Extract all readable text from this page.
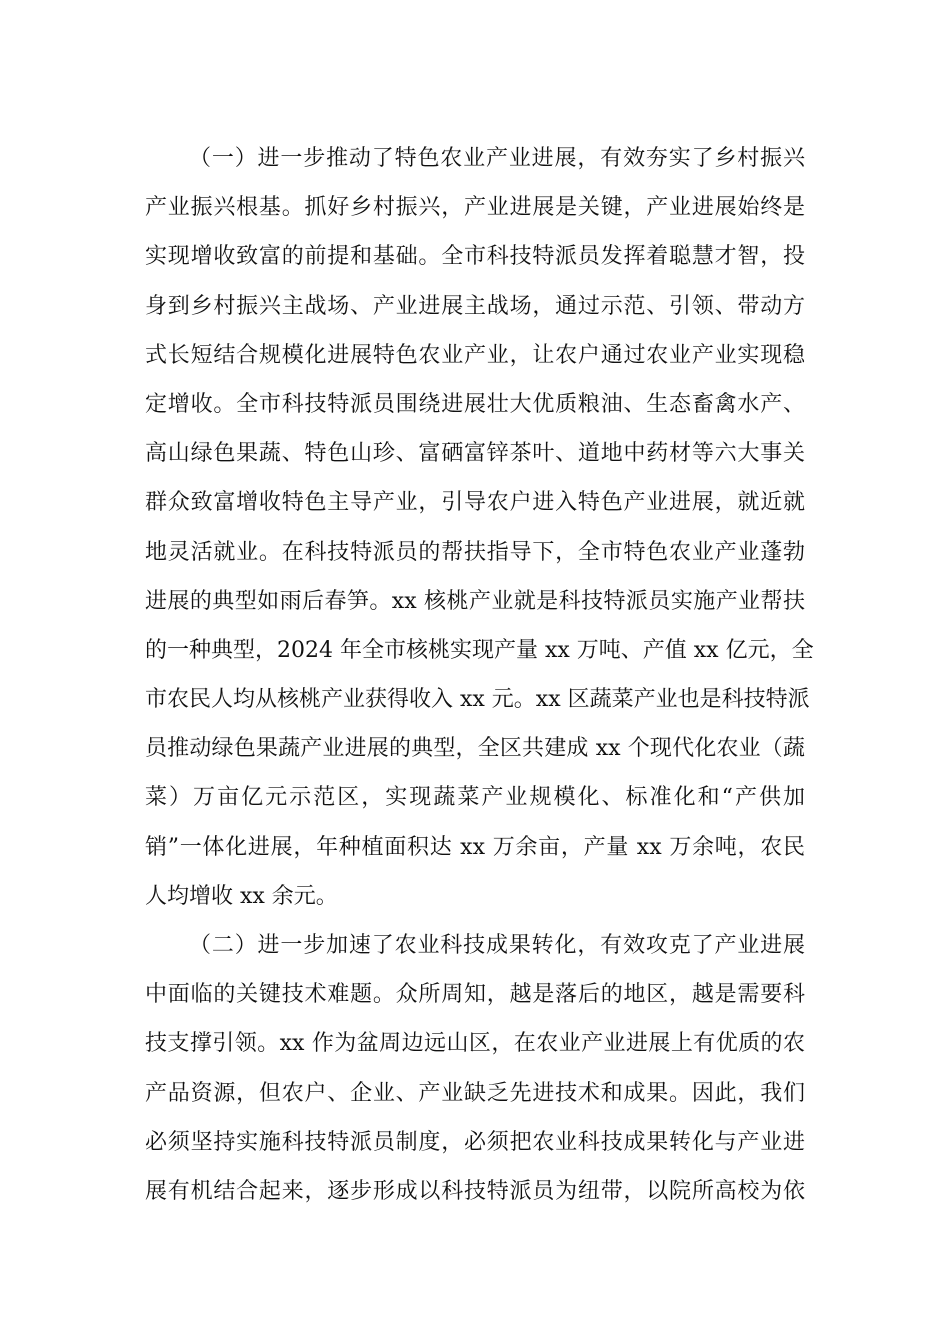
（一）进一步推动了特色农业产业进展，有效夯实了乡村振兴
产业振兴根基。抓好乡村振兴，产业进展是关键，产业进展始终是
实现增收致富的前提和基础。全市科技特派员发挥着聪慧才智，投
身到乡村振兴主战场、产业进展主战场，通过示范、引领、带动方
式长短结合规模化进展特色农业产业，让农户通过农业产业实现稳
定增收。全市科技特派员围绕进展壮大优质粮油、生态畜禽水产、
高山绿色果蔬、特色山珍、富硒富锌茶叶、道地中药材等六大事关
群众致富增收特色主导产业，引导农户进入特色产业进展，就近就
地灵活就业。在科技特派员的帮扶指导下，全市特色农业产业蓬勃
进展的典型如雨后春笋。xx 核桃产业就是科技特派员实施产业帮扶
的一种典型，2024 年全市核桃实现产量 xx 万吨、产值 xx 亿元，全
市农民人均从核桃产业获得收入 xx 元。xx 区蔬菜产业也是科技特派
员推动绿色果蔬产业进展的典型，全区共建成 xx 个现代化农业（蔬
菜）万亩亿元示范区，实现蔬菜产业规模化、标准化和“产供加
销”一体化进展，年种植面积达 xx 万余亩，产量 xx 万余吨，农民
人均增收 xx 余元。
（二）进一步加速了农业科技成果转化，有效攻克了产业进展
中面临的关键技术难题。众所周知，越是落后的地区，越是需要科
技支撑引领。xx 作为盆周边远山区，在农业产业进展上有优质的农
产品资源，但农户、企业、产业缺乏先进技术和成果。因此，我们
必须坚持实施科技特派员制度，必须把农业科技成果转化与产业进
展有机结合起来，逐步形成以科技特派员为纽带，以院所高校为依
